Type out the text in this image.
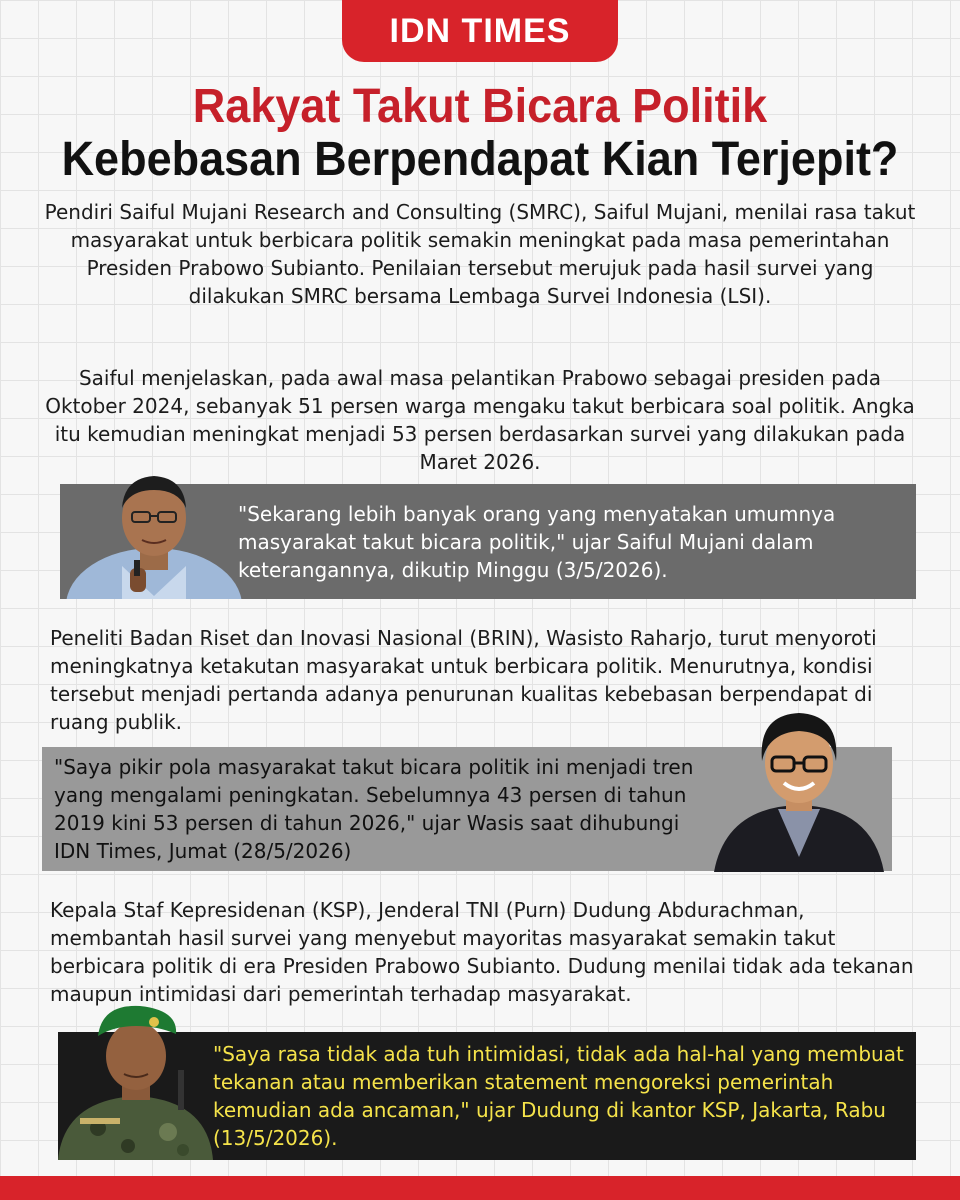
IDN TIMES
Rakyat Takut Bicara Politik
Kebebasan Berpendapat Kian Terjepit?

Pendiri Saiful Mujani Research and Consulting (SMRC), Saiful Mujani, menilai rasa takut masyarakat untuk berbicara politik semakin meningkat pada masa pemerintahan Presiden Prabowo Subianto. Penilaian tersebut merujuk pada hasil survei yang dilakukan SMRC bersama Lembaga Survei Indonesia (LSI).

Saiful menjelaskan, pada awal masa pelantikan Prabowo sebagai presiden pada Oktober 2024, sebanyak 51 persen warga mengaku takut berbicara soal politik. Angka itu kemudian meningkat menjadi 53 persen berdasarkan survei yang dilakukan pada Maret 2026.

"Sekarang lebih banyak orang yang menyatakan umumnya masyarakat takut bicara politik," ujar Saiful Mujani dalam keterangannya, dikutip Minggu (3/5/2026).

Peneliti Badan Riset dan Inovasi Nasional (BRIN), Wasisto Raharjo, turut menyoroti meningkatnya ketakutan masyarakat untuk berbicara politik. Menurutnya, kondisi tersebut menjadi pertanda adanya penurunan kualitas kebebasan berpendapat di ruang publik.

"Saya pikir pola masyarakat takut bicara politik ini menjadi tren yang mengalami peningkatan. Sebelumnya 43 persen di tahun 2019 kini 53 persen di tahun 2026," ujar Wasis saat dihubungi IDN Times, Jumat (28/5/2026)

Kepala Staf Kepresidenan (KSP), Jenderal TNI (Purn) Dudung Abdurachman, membantah hasil survei yang menyebut mayoritas masyarakat semakin takut berbicara politik di era Presiden Prabowo Subianto. Dudung menilai tidak ada tekanan maupun intimidasi dari pemerintah terhadap masyarakat.

"Saya rasa tidak ada tuh intimidasi, tidak ada hal-hal yang membuat tekanan atau memberikan statement mengoreksi pemerintah kemudian ada ancaman," ujar Dudung di kantor KSP, Jakarta, Rabu (13/5/2026).
